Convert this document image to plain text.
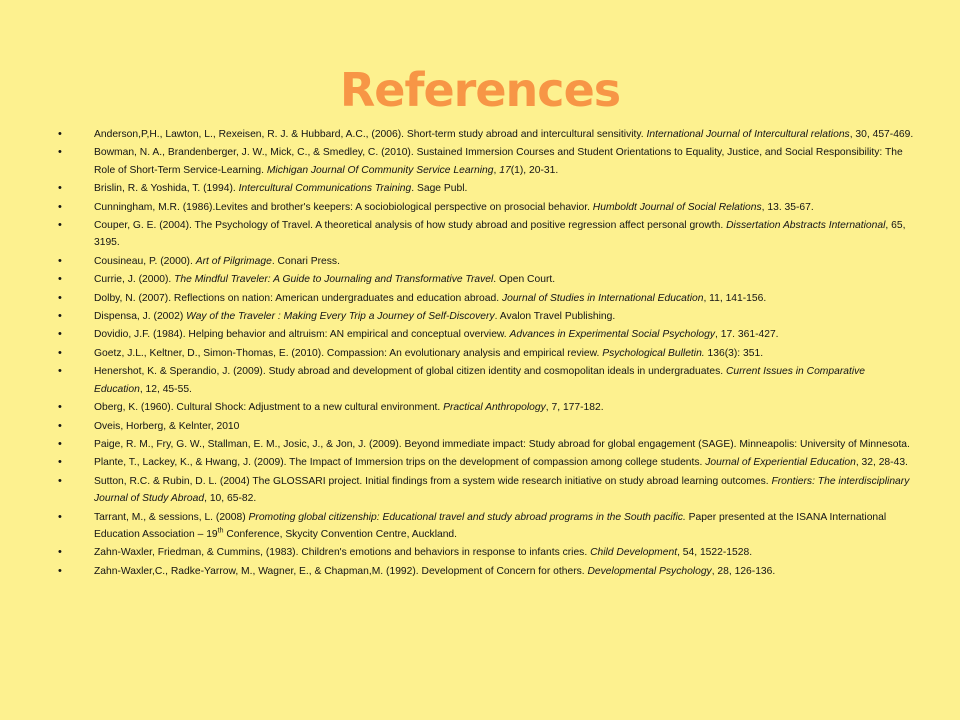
References
•	Anderson,P,H., Lawton, L., Rexeisen, R. J. & Hubbard, A.C., (2006). Short-term study abroad and intercultural sensitivity. International Journal of Intercultural relations, 30, 457-469.
•	Bowman, N. A., Brandenberger, J. W., Mick, C., & Smedley, C. (2010). Sustained Immersion Courses and Student Orientations to Equality, Justice, and Social Responsibility: The Role of Short-Term Service-Learning. Michigan Journal Of Community Service Learning, 17(1), 20-31.
•	Brislin, R. & Yoshida, T. (1994). Intercultural Communications Training. Sage Publ.
•	Cunningham, M.R. (1986).Levites and brother's keepers: A sociobiological perspective on prosocial behavior. Humboldt Journal of Social Relations, 13. 35-67.
•	Couper, G. E. (2004). The Psychology of Travel. A theoretical analysis of how study abroad and positive regression affect personal growth. Dissertation Abstracts International, 65, 3195.
•	Cousineau, P. (2000). Art of Pilgrimage. Conari Press.
•	Currie, J. (2000). The Mindful Traveler: A Guide to Journaling and Transformative Travel. Open Court.
•	Dolby, N. (2007). Reflections on nation: American undergraduates and education abroad. Journal of Studies in International Education, 11, 141-156.
•	Dispensa, J. (2002) Way of the Traveler : Making Every Trip a Journey of Self-Discovery. Avalon Travel Publishing.
•	Dovidio, J.F. (1984). Helping behavior and altruism: AN empirical and conceptual overview. Advances in Experimental Social Psychology, 17. 361-427.
•	Goetz, J.L., Keltner, D., Simon-Thomas, E. (2010). Compassion: An evolutionary analysis and empirical review. Psychological Bulletin. 136(3): 351.
•	Henershot, K. & Sperandio, J. (2009). Study abroad and development of global citizen identity and cosmopolitan ideals in undergraduates. Current Issues in Comparative Education, 12, 45-55.
•	Oberg, K. (1960). Cultural Shock: Adjustment to a new cultural environment. Practical Anthropology, 7, 177-182.
•	Oveis, Horberg, & Kelnter, 2010
•	Paige, R. M., Fry, G. W., Stallman, E. M., Josic, J., & Jon, J. (2009). Beyond immediate impact: Study abroad for global engagement (SAGE). Minneapolis: University of Minnesota.
•	Plante, T., Lackey, K., & Hwang, J. (2009). The Impact of Immersion trips on the development of compassion among college students. Journal of Experiential Education, 32, 28-43.
•	Sutton, R.C. & Rubin, D. L. (2004) The GLOSSARI project. Initial findings from a system wide research initiative on study abroad learning outcomes. Frontiers: The interdisciplinary Journal of Study Abroad, 10, 65-82.
•	Tarrant, M., & sessions, L. (2008) Promoting global citizenship: Educational travel and study abroad programs in the South pacific. Paper presented at the ISANA International Education Association – 19th Conference, Skycity Convention Centre, Auckland.
•	Zahn-Waxler, Friedman, & Cummins, (1983). Children's emotions and behaviors in response to infants cries. Child Development, 54, 1522-1528.
•	Zahn-Waxler,C., Radke-Yarrow, M., Wagner, E., & Chapman,M. (1992). Development of Concern for others. Developmental Psychology, 28, 126-136.
